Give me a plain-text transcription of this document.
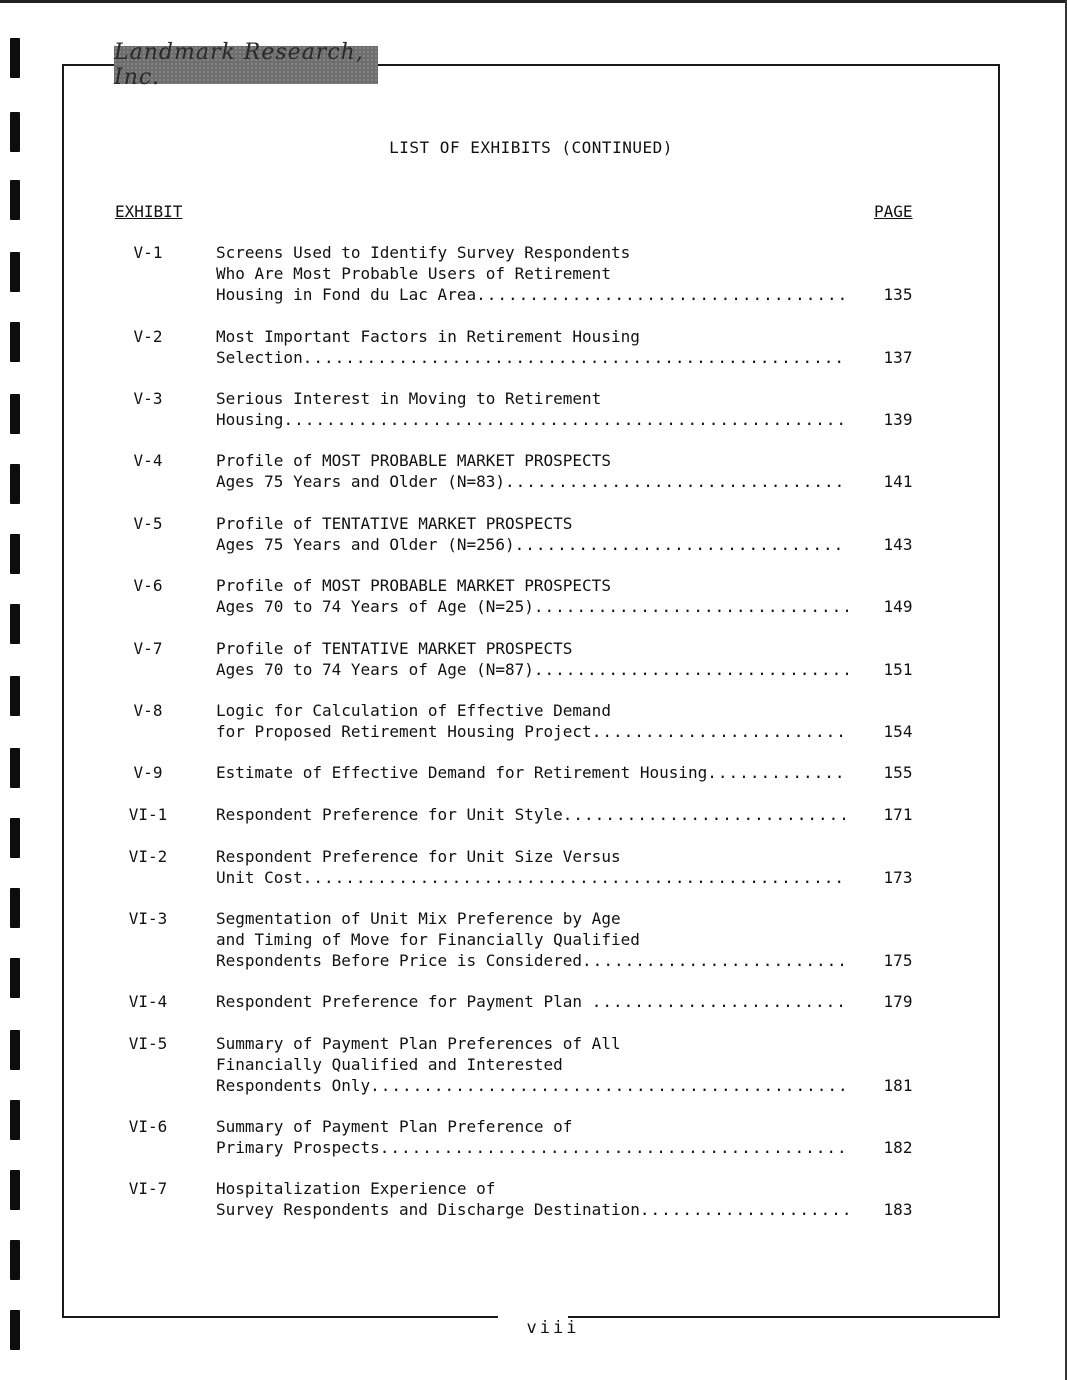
Landmark Research, Inc.
LIST OF EXHIBITS (CONTINUED)
EXHIBIT	PAGE
V-1	Screens Used to Identify Survey Respondents
Who Are Most Probable Users of Retirement
Housing in Fond du Lac Area .....	135
V-2	Most Important Factors in Retirement Housing
Selection .....	137
V-3	Serious Interest in Moving to Retirement
Housing .....	139
V-4	Profile of MOST PROBABLE MARKET PROSPECTS
Ages 75 Years and Older (N=83) .....	141
V-5	Profile of TENTATIVE MARKET PROSPECTS
Ages 75 Years and Older (N=256) .....	143
V-6	Profile of MOST PROBABLE MARKET PROSPECTS
Ages 70 to 74 Years of Age (N=25) .....	149
V-7	Profile of TENTATIVE MARKET PROSPECTS
Ages 70 to 74 Years of Age (N=87) .....	151
V-8	Logic for Calculation of Effective Demand
for Proposed Retirement Housing Project .....	154
V-9	Estimate of Effective Demand for Retirement Housing .....	155
VI-1	Respondent Preference for Unit Style .....	171
VI-2	Respondent Preference for Unit Size Versus
Unit Cost .....	173
VI-3	Segmentation of Unit Mix Preference by Age
and Timing of Move for Financially Qualified
Respondents Before Price is Considered .....	175
VI-4	Respondent Preference for Payment Plan .....	179
VI-5	Summary of Payment Plan Preferences of All
Financially Qualified and Interested
Respondents Only .....	181
VI-6	Summary of Payment Plan Preference of
Primary Prospects .....	182
VI-7	Hospitalization Experience of
Survey Respondents and Discharge Destination .....	183
viii
